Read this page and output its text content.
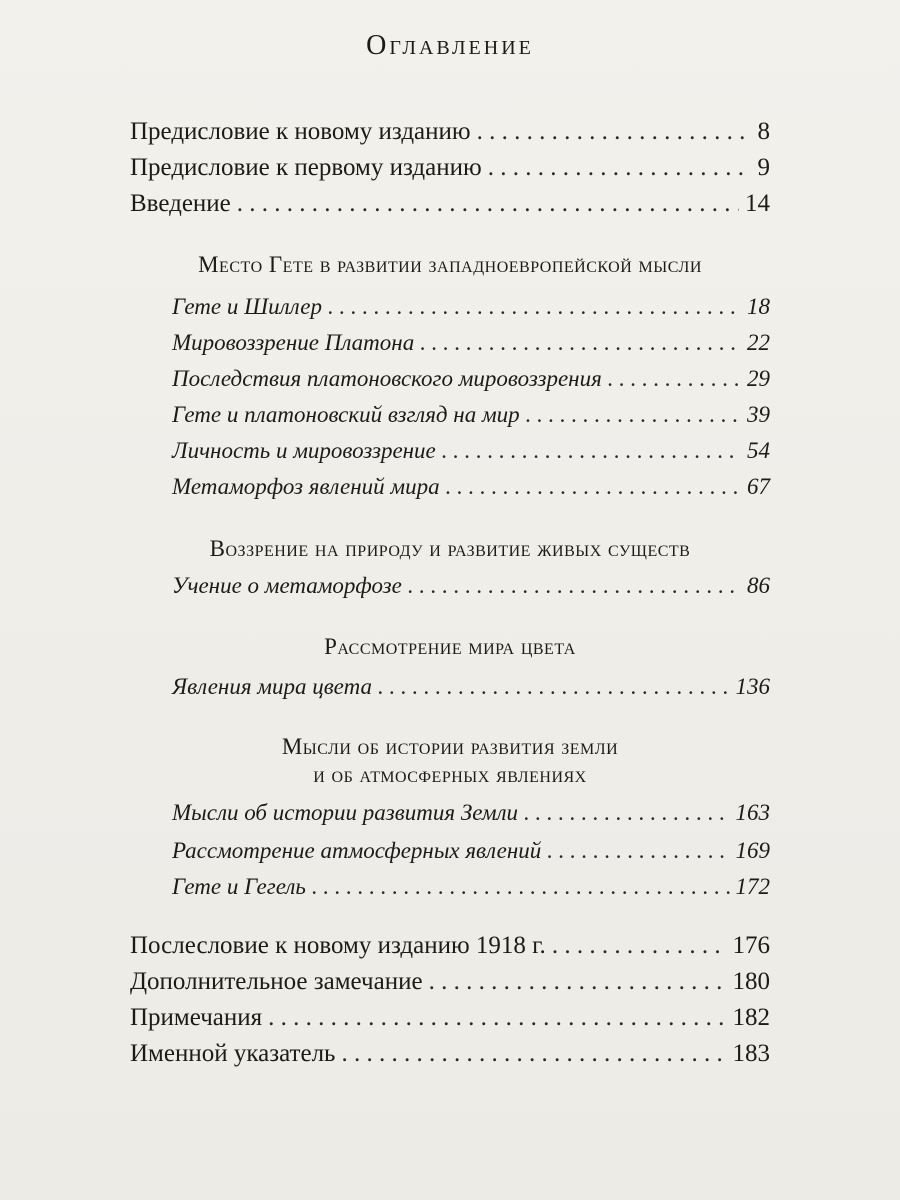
Оглавление
Предисловие к новому изданию . . .	8
Предисловие к первому изданию . . .	9
Введение . . .	14
Место Гете в развитии западноевропейской мысли
Гете и Шиллер . . .	18
Мировоззрение Платона . . .	22
Последствия платоновского мировоззрения . . .	29
Гете и платоновский взгляд на мир . . .	39
Личность и мировоззрение . . .	54
Метаморфоз явлений мира . . .	67
Воззрение на природу и развитие живых существ
Учение о метаморфозе . . .	86
Рассмотрение мира цвета
Явления мира цвета . . .	136
Мысли об истории развития земли
и об атмосферных явлениях
Мысли об истории развития Земли . . .	163
Рассмотрение атмосферных явлений . . .	169
Гете и Гегель . . .	172
Послесловие к новому изданию 1918 г. . . .	176
Дополнительное замечание . . .	180
Примечания . . .	182
Именной указатель . . .	183
